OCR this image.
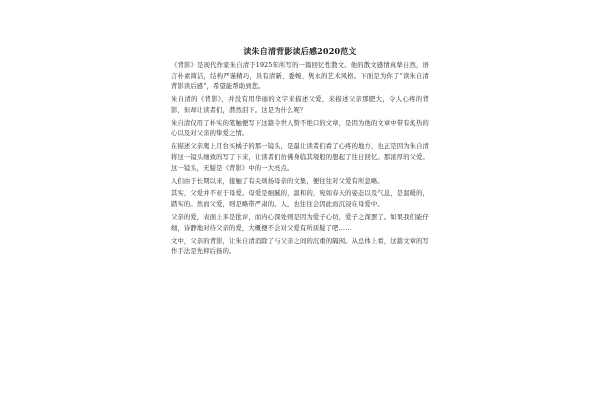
读朱自清背影读后感2020范文

《背影》是现代作家朱自清于1925年所写的一篇回忆性散文。他的散文感情真挚自然，语言朴素简洁，结构严谨精巧，具有清新、委婉、隽永的艺术风格。下面是为你了“读朱自清背影读后感”，希望能帮助到您。

朱自清的《背影》，并没有用华丽的文字来描述父爱，来描述父亲那肥大，令人心疼的背影，但却让读者们，潸然泪下。这是为什么呢？

朱自清仅用了朴实的笔触便写下这篇令世人赞不绝口的文章，是因为他的文章中带有炙热的心以及对父亲的挚爱之情。

在描述父亲爬上月台买橘子的那一镜头，是最让读者们看了心疼的地方，也正是因为朱自清将这一镜头细致的写了下来，让读者们仿佛身临其境般的想起了往日回忆。那浓厚的父爱。这一镜头，无疑是《背影》中的一大亮点。

人们由于长期以来，接触了有关颂扬母亲的文集，便往往对父爱有所忽略。

其实，父爱并不亚于母爱。母爱是细腻的，温和的，宛如春天的姿态以及气息，是温暖的，踏实的。然而父爱，则是略带严肃的。人，也往往会因此而沉浸在母爱中。

父亲的爱，表面上多是批评，而内心深处则是因为爱子心切，爱子之深罢了。如果我们能仔细，诗静地对待父亲的爱，大概便不会对父爱有所质疑了吧……

文中，父亲的背影，让朱自清消除了与父亲之间的沉重的隔阂。从总体上看，这篇文章的写作手法是先抑后扬的。
